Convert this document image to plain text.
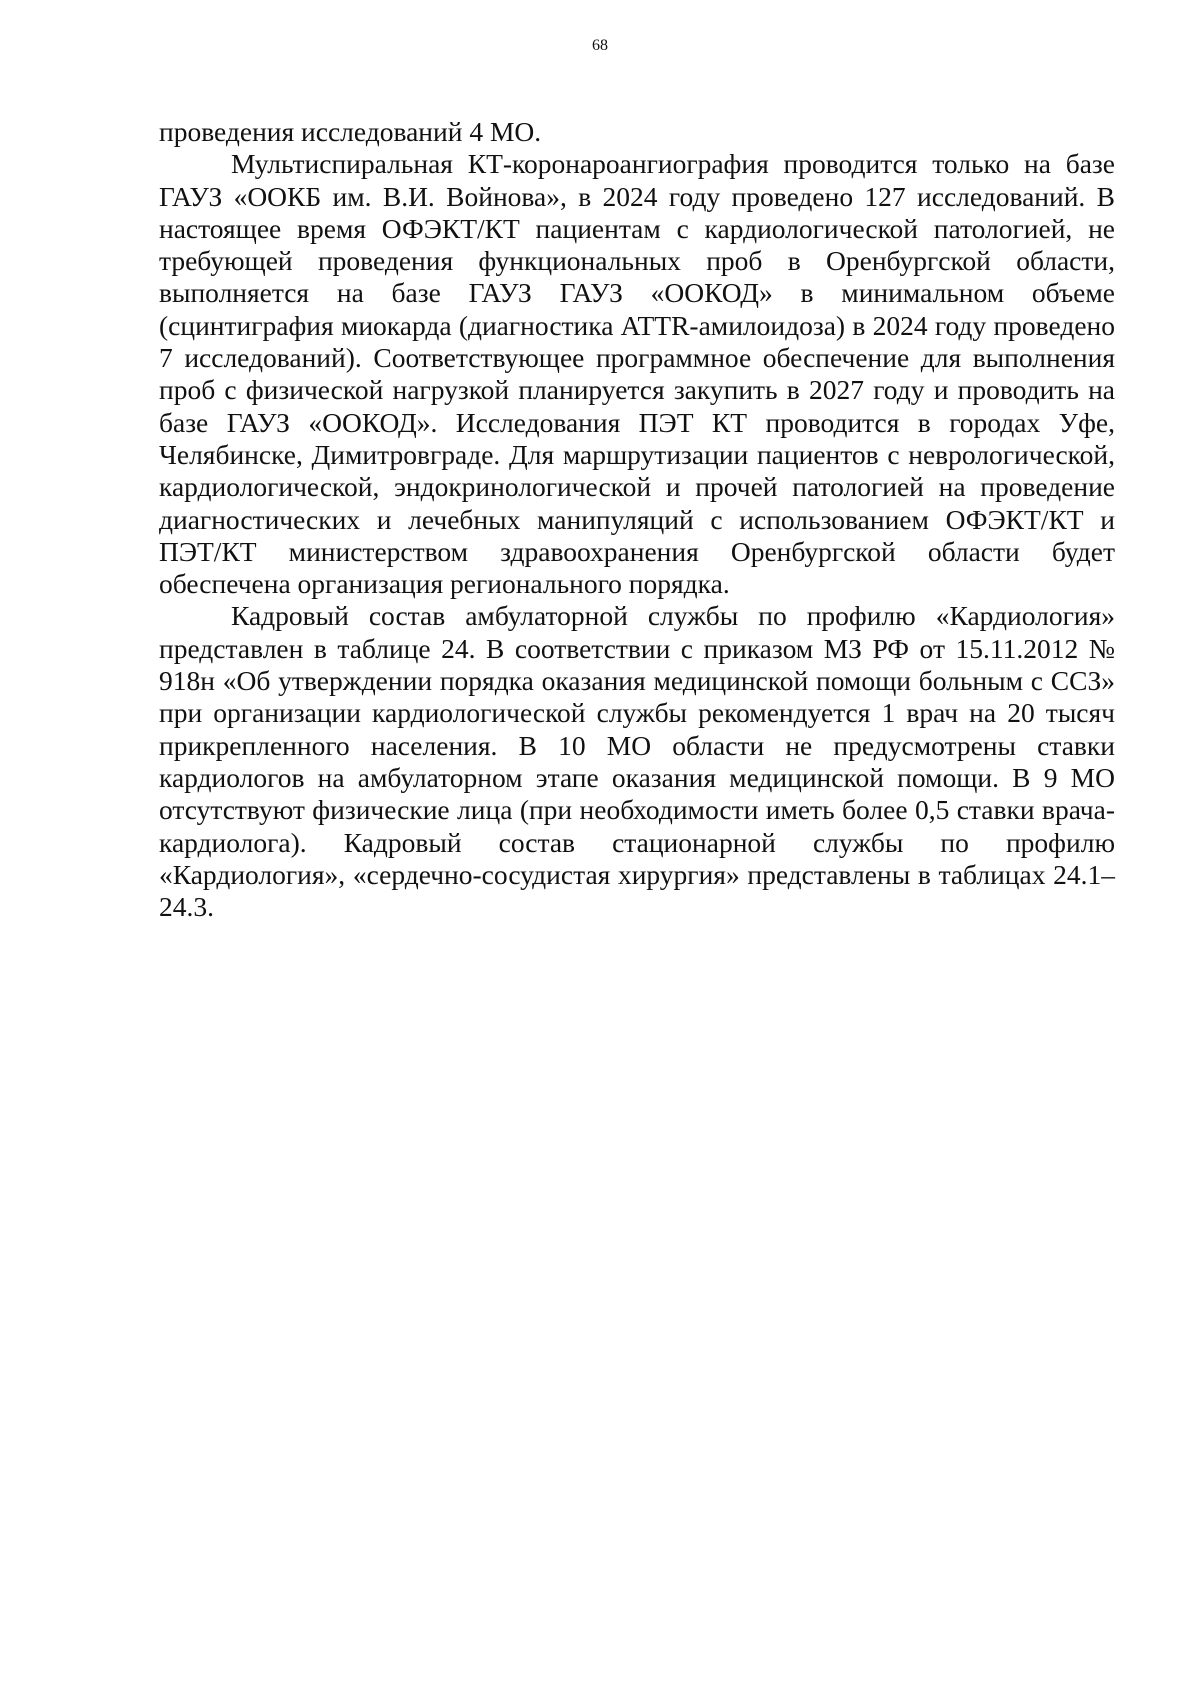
68

проведения исследований 4 МО.

Мультиспиральная КТ-коронароангиография проводится только на базе ГАУЗ «ООКБ им. В.И. Войнова», в 2024 году проведено 127 исследований. В настоящее время ОФЭКТ/КТ пациентам с кардиологической патологией, не требующей проведения функциональных проб в Оренбургской области, выполняется на базе ГАУЗ ГАУЗ «ООКОД» в минимальном объеме (сцинтиграфия миокарда (диагностика ATTR-амилоидоза) в 2024 году проведено 7 исследований). Соответствующее программное обеспечение для выполнения проб с физической нагрузкой планируется закупить в 2027 году и проводить на базе ГАУЗ «ООКОД». Исследования ПЭТ КТ проводится в городах Уфе, Челябинске, Димитровграде. Для маршрутизации пациентов с неврологической, кардиологической, эндокринологической и прочей патологией на проведение диагностических и лечебных манипуляций с использованием ОФЭКТ/КТ и ПЭТ/КТ министерством здравоохранения Оренбургской области будет обеспечена организация регионального порядка.

Кадровый состав амбулаторной службы по профилю «Кардиология» представлен в таблице 24. В соответствии с приказом МЗ РФ от 15.11.2012 № 918н «Об утверждении порядка оказания медицинской помощи больным с ССЗ» при организации кардиологической службы рекомендуется 1 врач на 20 тысяч прикрепленного населения. В 10 МО области не предусмотрены ставки кардиологов на амбулаторном этапе оказания медицинской помощи. В 9 МО отсутствуют физические лица (при необходимости иметь более 0,5 ставки врача-кардиолога). Кадровый состав стационарной службы по профилю «Кардиология», «сердечно-сосудистая хирургия» представлены в таблицах 24.1–24.3.
